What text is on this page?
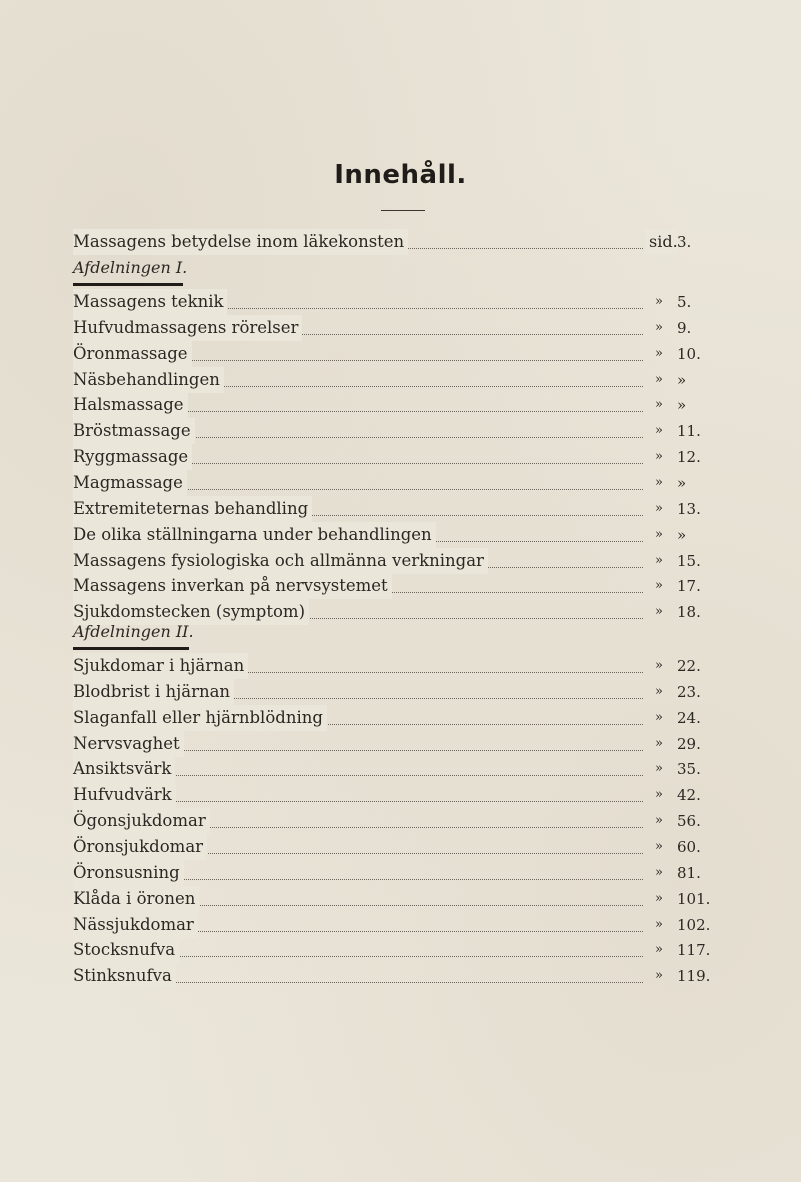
Innehåll.
Massagens betydelse inom läkekonsten	sid. 3.
Afdelningen I.
Massagens teknik	» 5.
Hufvudmassagens rörelser	» 9.
Öronmassage	» 10.
Näsbehandlingen	» »
Halsmassage	» »
Bröstmassage	» 11.
Ryggmassage	» 12.
Magmassage	» »
Extremiteternas behandling	» 13.
De olika ställningarna under behandlingen	» »
Massagens fysiologiska och allmänna verkningar	» 15.
Massagens inverkan på nervsystemet	» 17.
Sjukdomstecken (symptom)	» 18.
Afdelningen II.
Sjukdomar i hjärnan	» 22.
Blodbrist i hjärnan	» 23.
Slaganfall eller hjärnblödning	» 24.
Nervsvaghet	» 29.
Ansiktsvärk	» 35.
Hufvudvärk	» 42.
Ögonsjukdomar	» 56.
Öronsjukdomar	» 60.
Öronsusning	» 81.
Klåda i öronen	» 101.
Nässjukdomar	» 102.
Stocksnufva	» 117.
Stinksnufva	» 119.
